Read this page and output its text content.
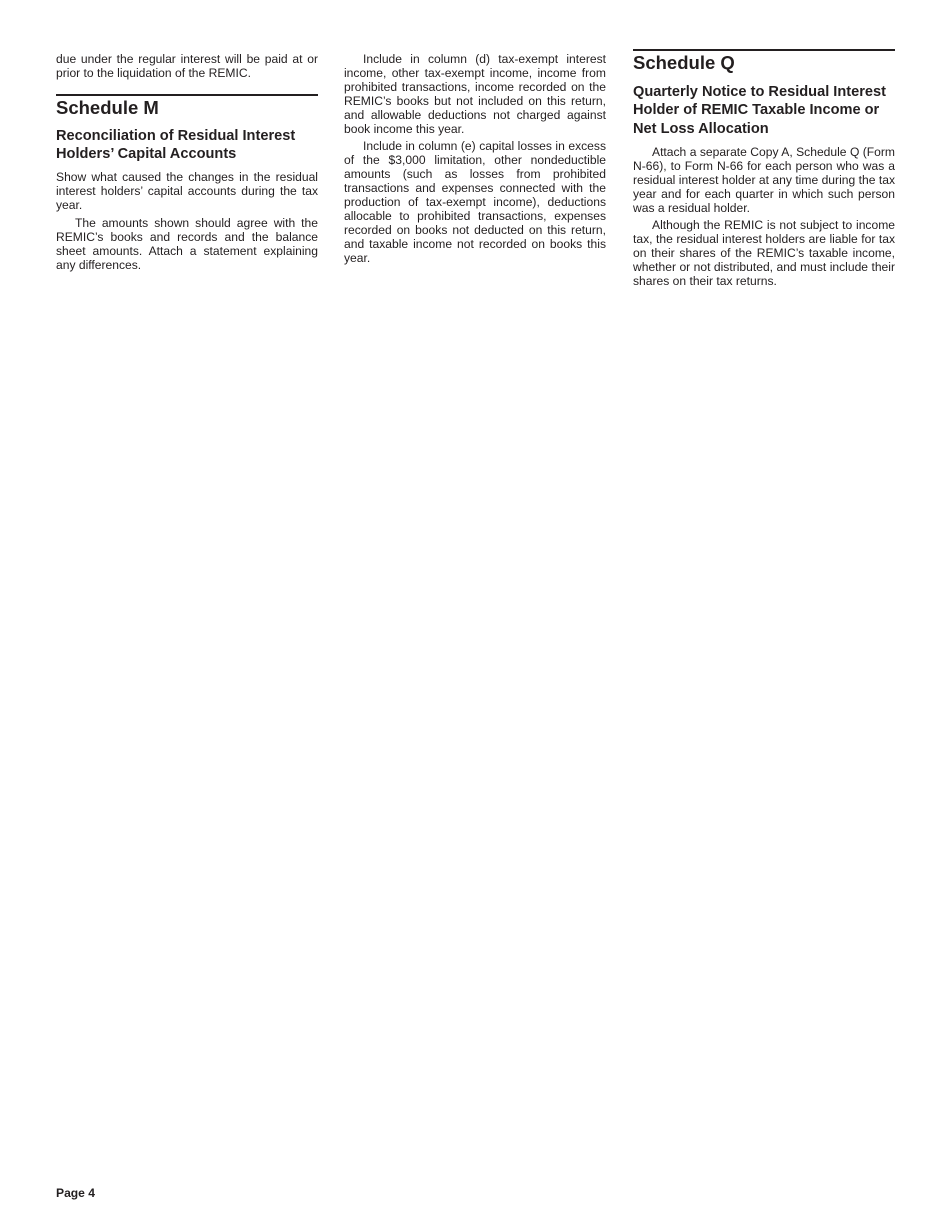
due under the regular interest will be paid at or prior to the liquidation of the REMIC.

Schedule M
Reconciliation of Residual Interest Holders’ Capital Accounts

Show what caused the changes in the residual interest holders’ capital accounts during the tax year.

The amounts shown should agree with the REMIC’s books and records and the balance sheet amounts. Attach a statement explaining any differences.

Include in column (d) tax-exempt interest income, other tax-exempt income, income from prohibited transactions, income recorded on the REMIC’s books but not included on this return, and allowable deductions not charged against book income this year.

Include in column (e) capital losses in excess of the $3,000 limitation, other nondeductible amounts (such as losses from prohibited transactions and expenses connected with the production of tax-exempt income), deductions allocable to prohibited transactions, expenses recorded on books not deducted on this return, and taxable income not recorded on books this year.

Schedule Q
Quarterly Notice to Residual Interest Holder of REMIC Taxable Income or Net Loss Allocation

Attach a separate Copy A, Schedule Q (Form N-66), to Form N-66 for each person who was a residual interest holder at any time during the tax year and for each quarter in which such person was a residual holder.

Although the REMIC is not subject to income tax, the residual interest holders are liable for tax on their shares of the REMIC’s taxable income, whether or not distributed, and must include their shares on their tax returns.

Page 4
